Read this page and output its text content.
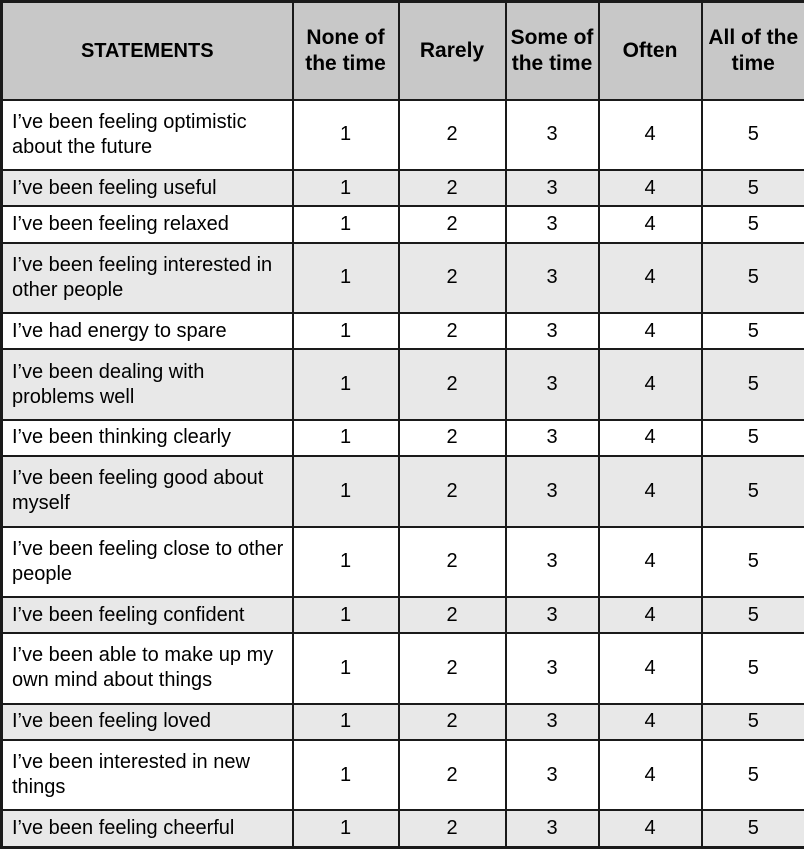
STATEMENTS	None of the time	Rarely	Some of the time	Often	All of the time
I’ve been feeling optimistic about the future	1	2	3	4	5
I’ve been feeling useful	1	2	3	4	5
I’ve been feeling relaxed	1	2	3	4	5
I’ve been feeling interested in other people	1	2	3	4	5
I’ve had energy to spare	1	2	3	4	5
I’ve been dealing with problems well	1	2	3	4	5
I’ve been thinking clearly	1	2	3	4	5
I’ve been feeling good about myself	1	2	3	4	5
I’ve been feeling close to other people	1	2	3	4	5
I’ve been feeling confident	1	2	3	4	5
I’ve been able to make up my own mind about things	1	2	3	4	5
I’ve been feeling loved	1	2	3	4	5
I’ve been interested in new things	1	2	3	4	5
I’ve been feeling cheerful	1	2	3	4	5
